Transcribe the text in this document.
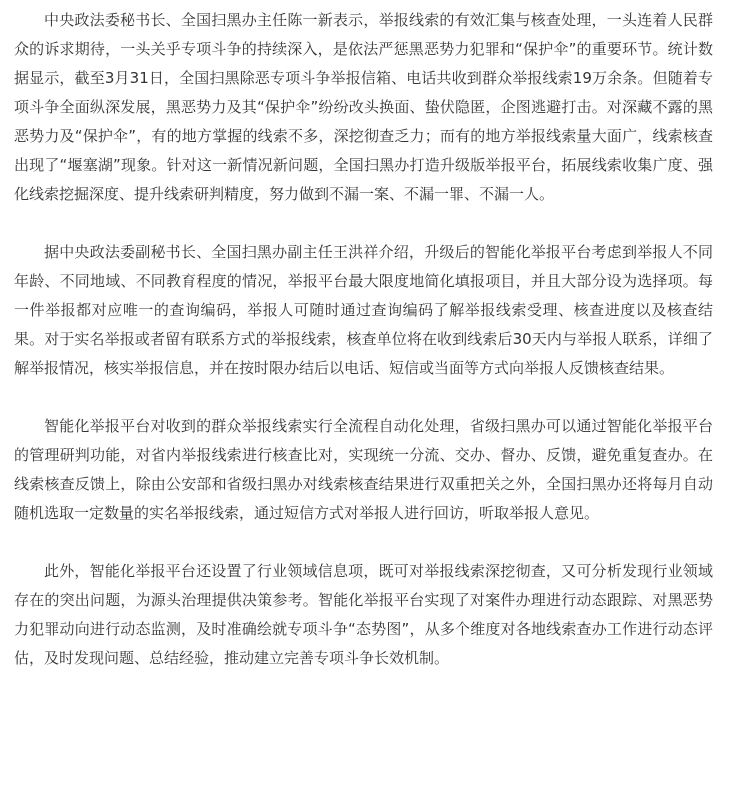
中央政法委秘书长、全国扫黑办主任陈一新表示，举报线索的有效汇集与核查处理，一头连着人民群众的诉求期待，一头关乎专项斗争的持续深入，是依法严惩黑恶势力犯罪和“保护伞”的重要环节。统计数据显示，截至3月31日，全国扫黑除恶专项斗争举报信箱、电话共收到群众举报线索19万余条。但随着专项斗争全面纵深发展，黑恶势力及其“保护伞”纷纷改头换面、蛰伏隐匿，企图逃避打击。对深藏不露的黑恶势力及“保护伞”，有的地方掌握的线索不多，深挖彻查乏力；而有的地方举报线索量大面广，线索核查出现了“堰塞湖”现象。针对这一新情况新问题，全国扫黑办打造升级版举报平台，拓展线索收集广度、强化线索挖掘深度、提升线索研判精度，努力做到不漏一案、不漏一罪、不漏一人。

据中央政法委副秘书长、全国扫黑办副主任王洪祥介绍，升级后的智能化举报平台考虑到举报人不同年龄、不同地域、不同教育程度的情况，举报平台最大限度地简化填报项目，并且大部分设为选择项。每一件举报都对应唯一的查询编码，举报人可随时通过查询编码了解举报线索受理、核查进度以及核查结果。对于实名举报或者留有联系方式的举报线索，核查单位将在收到线索后30天内与举报人联系，详细了解举报情况，核实举报信息，并在按时限办结后以电话、短信或当面等方式向举报人反馈核查结果。

智能化举报平台对收到的群众举报线索实行全流程自动化处理，省级扫黑办可以通过智能化举报平台的管理研判功能，对省内举报线索进行核查比对，实现统一分流、交办、督办、反馈，避免重复查办。在线索核查反馈上，除由公安部和省级扫黑办对线索核查结果进行双重把关之外，全国扫黑办还将每月自动随机选取一定数量的实名举报线索，通过短信方式对举报人进行回访，听取举报人意见。

此外，智能化举报平台还设置了行业领域信息项，既可对举报线索深挖彻查，又可分析发现行业领域存在的突出问题，为源头治理提供决策参考。智能化举报平台实现了对案件办理进行动态跟踪、对黑恶势力犯罪动向进行动态监测，及时准确绘就专项斗争“态势图”，从多个维度对各地线索查办工作进行动态评估，及时发现问题、总结经验，推动建立完善专项斗争长效机制。
